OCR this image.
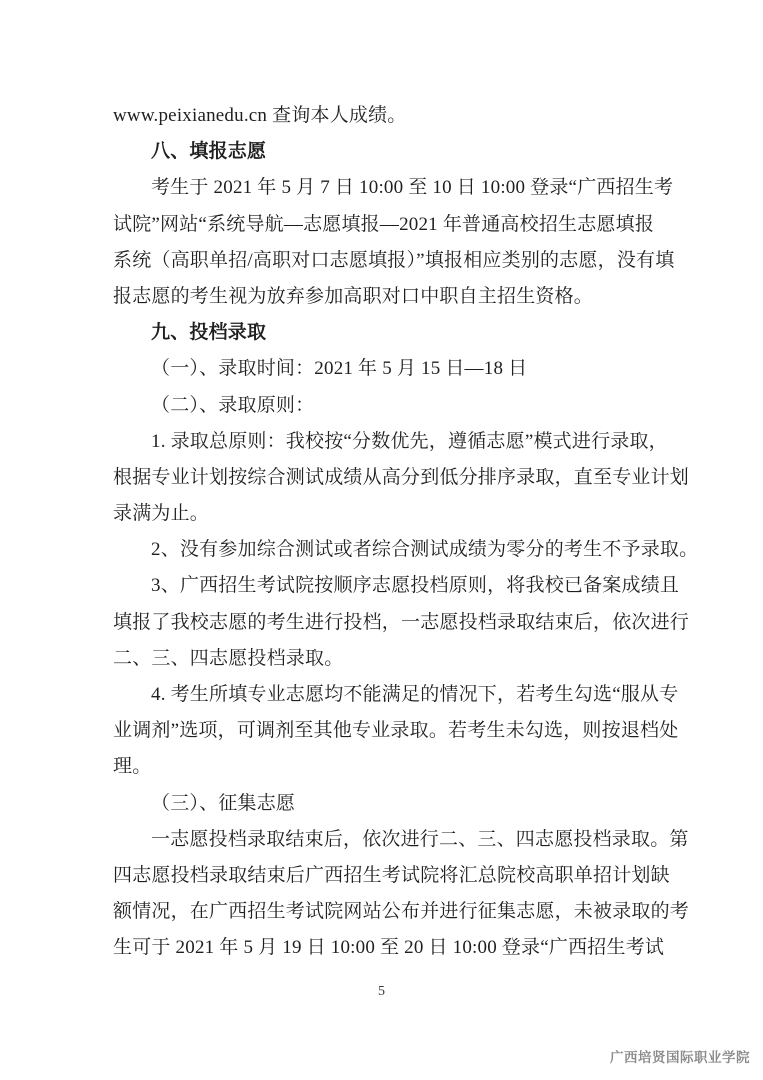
www.peixianedu.cn 查询本人成绩。
八、填报志愿
考生于 2021 年 5 月 7 日 10:00 至 10 日 10:00 登录“广西招生考
试院”网站“系统导航—志愿填报—2021 年普通高校招生志愿填报
系统（高职单招/高职对口志愿填报）”填报相应类别的志愿，没有填
报志愿的考生视为放弃参加高职对口中职自主招生资格。
九、投档录取
（一）、录取时间：2021 年 5 月 15 日—18 日
（二）、录取原则：
1. 录取总原则：我校按“分数优先，遵循志愿”模式进行录取，
根据专业计划按综合测试成绩从高分到低分排序录取，直至专业计划
录满为止。
2、没有参加综合测试或者综合测试成绩为零分的考生不予录取。
3、广西招生考试院按顺序志愿投档原则，将我校已备案成绩且
填报了我校志愿的考生进行投档，一志愿投档录取结束后，依次进行
二、三、四志愿投档录取。
4. 考生所填专业志愿均不能满足的情况下，若考生勾选“服从专
业调剂”选项，可调剂至其他专业录取。若考生未勾选，则按退档处
理。
（三）、征集志愿
一志愿投档录取结束后，依次进行二、三、四志愿投档录取。第
四志愿投档录取结束后广西招生考试院将汇总院校高职单招计划缺
额情况，在广西招生考试院网站公布并进行征集志愿，未被录取的考
生可于 2021 年 5 月 19 日 10:00 至 20 日 10:00 登录“广西招生考试
5
广西培贤国际职业学院
